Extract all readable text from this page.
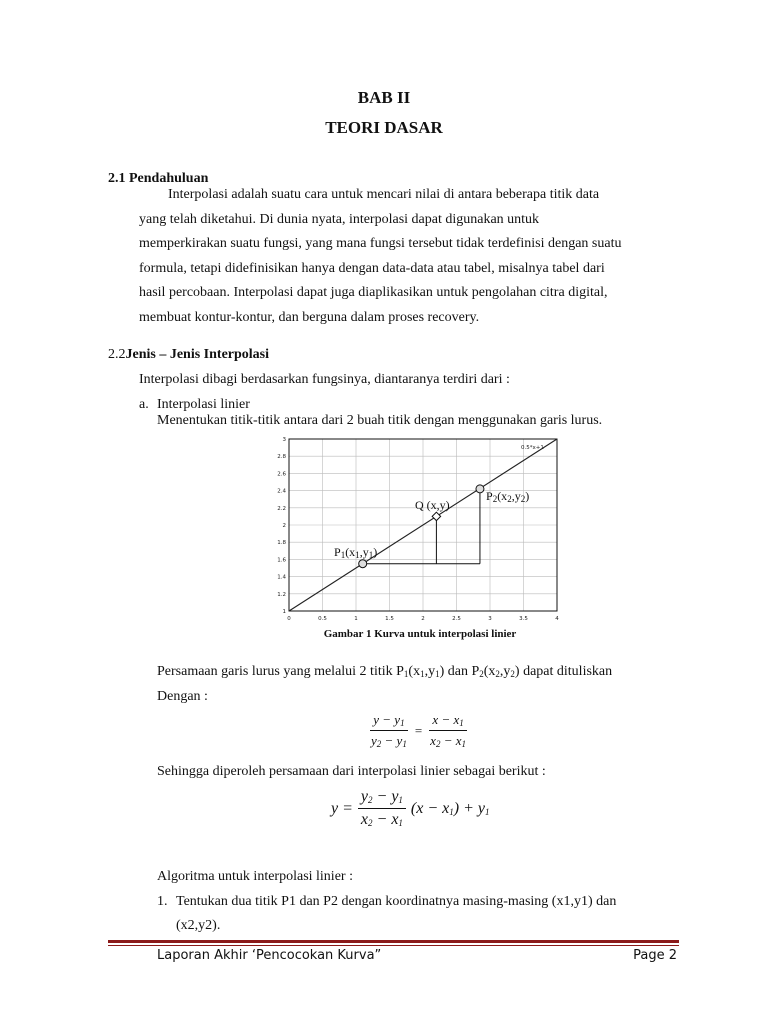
BAB II
TEORI DASAR
2.1 Pendahuluan
Interpolasi adalah suatu cara untuk mencari nilai di antara beberapa titik data
yang telah diketahui. Di dunia nyata, interpolasi dapat digunakan untuk
memperkirakan suatu fungsi, yang mana fungsi tersebut tidak terdefinisi dengan suatu
formula, tetapi didefinisikan hanya dengan data-data atau tabel, misalnya tabel dari
hasil percobaan. Interpolasi dapat juga diaplikasikan untuk pengolahan citra digital,
membuat kontur-kontur, dan berguna dalam proses recovery.
2.2Jenis – Jenis Interpolasi
Interpolasi dibagi berdasarkan fungsinya, diantaranya terdiri dari :
a. Interpolasi linier
Menentukan titik-titik antara dari 2 buah titik dengan menggunakan garis lurus.
0	0.5	1	1.5	2	2.5	3	3.5	4
1
1.2
1.4
1.6
1.8
2
2.2
2.4
2.6
2.8
3
0.5*x+1
$P_1(x_1,y_1)$
$P_2(x_2,y_2)$
Q (x,y)
Gambar 1 Kurva untuk interpolasi linier
Persamaan garis lurus yang melalui 2 titik $P_1(x_1,y_1)$ dan $P_2(x_2,y_2)$ dapat dituliskan
Dengan :
$\frac{y - y_1}{y_2 - y_1} = \frac{x - x_1}{x_2 - x_1}$
Sehingga diperoleh persamaan dari interpolasi linier sebagai berikut :
$y = \frac{y_2 - y_1}{x_2 - x_1} (x - x_1) + y_1$
Algoritma untuk interpolasi linier :
1. Tentukan dua titik P1 dan P2 dengan koordinatnya masing-masing (x1,y1) dan
(x2,y2).
Laporan Akhir ‘Pencocokan Kurva”	Page 2
